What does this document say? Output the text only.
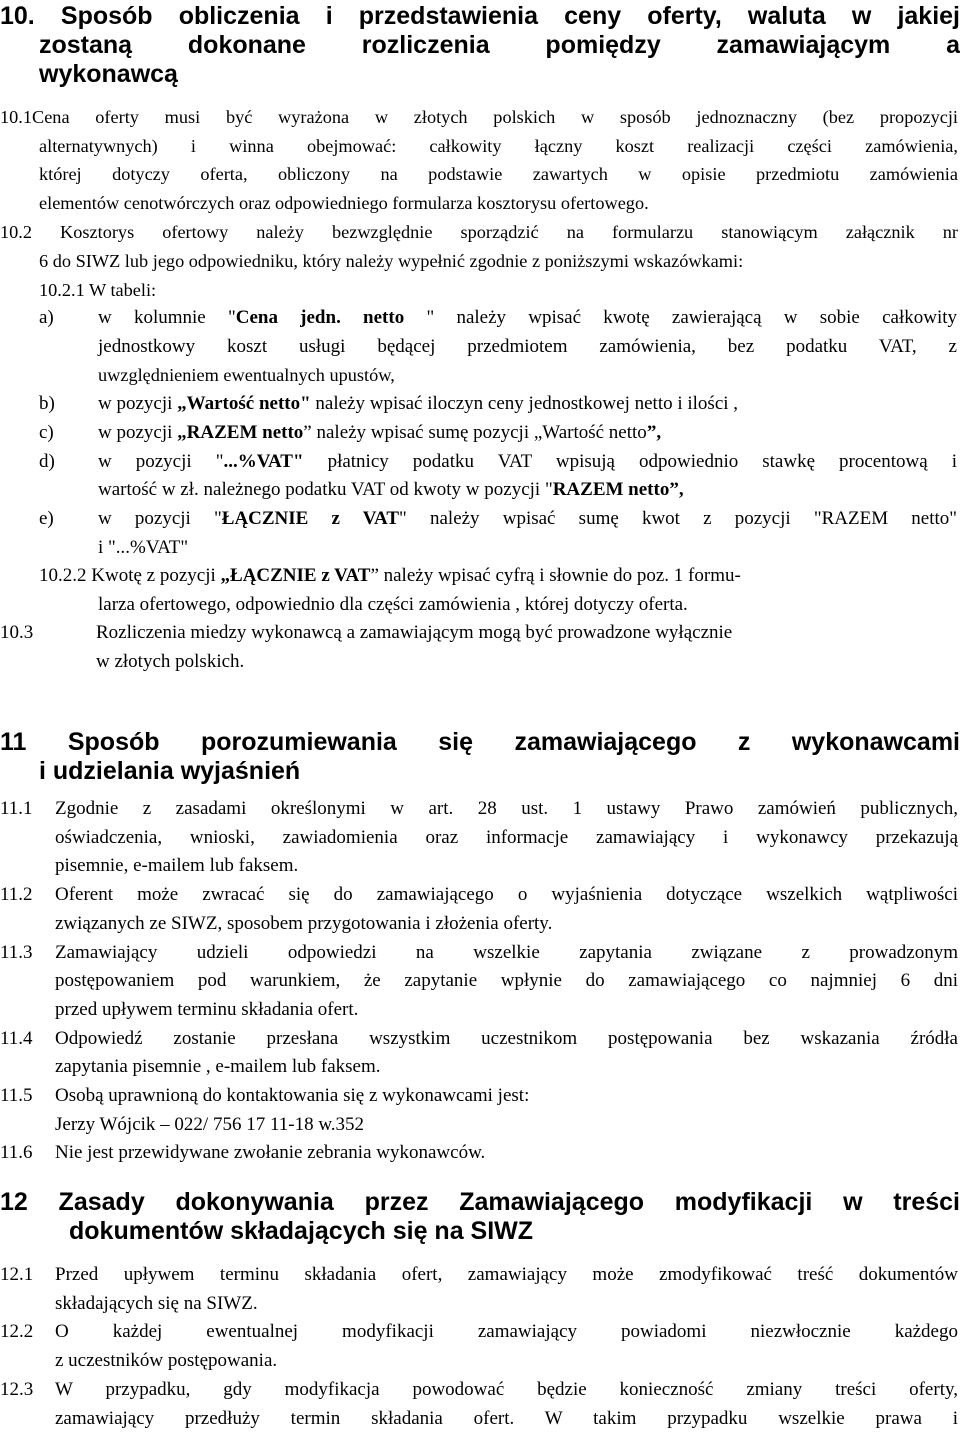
10. Sposób obliczenia i przedstawienia ceny oferty, waluta w jakiej
zostaną dokonane rozliczenia pomiędzy zamawiającym a
wykonawcą
10.1Cena oferty musi być wyrażona w złotych polskich w sposób jednoznaczny (bez propozycji
alternatywnych) i winna obejmować: całkowity łączny koszt realizacji części zamówienia,
której dotyczy oferta, obliczony na podstawie zawartych w opisie przedmiotu zamówienia
elementów cenotwórczych oraz odpowiedniego formularza kosztorysu ofertowego.
10.2 Kosztorys ofertowy należy bezwzględnie sporządzić na formularzu stanowiącym załącznik nr
6 do SIWZ lub jego odpowiedniku, który należy wypełnić zgodnie z poniższymi wskazówkami:
10.2.1 W tabeli:
a) w kolumnie "Cena jedn. netto " należy wpisać kwotę zawierającą w sobie całkowity
jednostkowy koszt usługi będącej przedmiotem zamówienia, bez podatku VAT, z
uwzględnieniem ewentualnych upustów,
b) w pozycji „Wartość netto" należy wpisać iloczyn ceny jednostkowej netto i ilości ,
c) w pozycji „RAZEM netto” należy wpisać sumę pozycji „Wartość netto”,
d) w pozycji "...%VAT" płatnicy podatku VAT wpisują odpowiednio stawkę procentową i
wartość w zł. należnego podatku VAT od kwoty w pozycji "RAZEM netto”,
e) w pozycji "ŁĄCZNIE z VAT" należy wpisać sumę kwot z pozycji "RAZEM netto"
i "...%VAT"
10.2.2 Kwotę z pozycji „ŁĄCZNIE z VAT” należy wpisać cyfrą i słownie do poz. 1 formu-
larza ofertowego, odpowiednio dla części zamówienia , której dotyczy oferta.
10.3	Rozliczenia miedzy wykonawcą a zamawiającym mogą być prowadzone wyłącznie
w złotych polskich.
11 Sposób porozumiewania się zamawiającego z wykonawcami
i udzielania wyjaśnień
11.1 Zgodnie z zasadami określonymi w art. 28 ust. 1 ustawy Prawo zamówień publicznych,
oświadczenia, wnioski, zawiadomienia oraz informacje zamawiający i wykonawcy przekazują
pisemnie, e-mailem lub faksem.
11.2 Oferent może zwracać się do zamawiającego o wyjaśnienia dotyczące wszelkich wątpliwości
związanych ze SIWZ, sposobem przygotowania i złożenia oferty.
11.3 Zamawiający udzieli odpowiedzi na wszelkie zapytania związane z prowadzonym
postępowaniem pod warunkiem, że zapytanie wpłynie do zamawiającego co najmniej 6 dni
przed upływem terminu składania ofert.
11.4 Odpowiedź zostanie przesłana wszystkim uczestnikom postępowania bez wskazania źródła
zapytania pisemnie , e-mailem lub faksem.
11.5 Osobą uprawnioną do kontaktowania się z wykonawcami jest:
Jerzy Wójcik – 022/ 756 17 11-18 w.352
11.6 Nie jest przewidywane zwołanie zebrania wykonawców.
12 Zasady dokonywania przez Zamawiającego modyfikacji w treści
dokumentów składających się na SIWZ
12.1 Przed upływem terminu składania ofert, zamawiający może zmodyfikować treść dokumentów
składających się na SIWZ.
12.2 O każdej ewentualnej modyfikacji zamawiający powiadomi niezwłocznie każdego
z uczestników postępowania.
12.3 W przypadku, gdy modyfikacja powodować będzie konieczność zmiany treści oferty,
zamawiający przedłuży termin składania ofert. W takim przypadku wszelkie prawa i
